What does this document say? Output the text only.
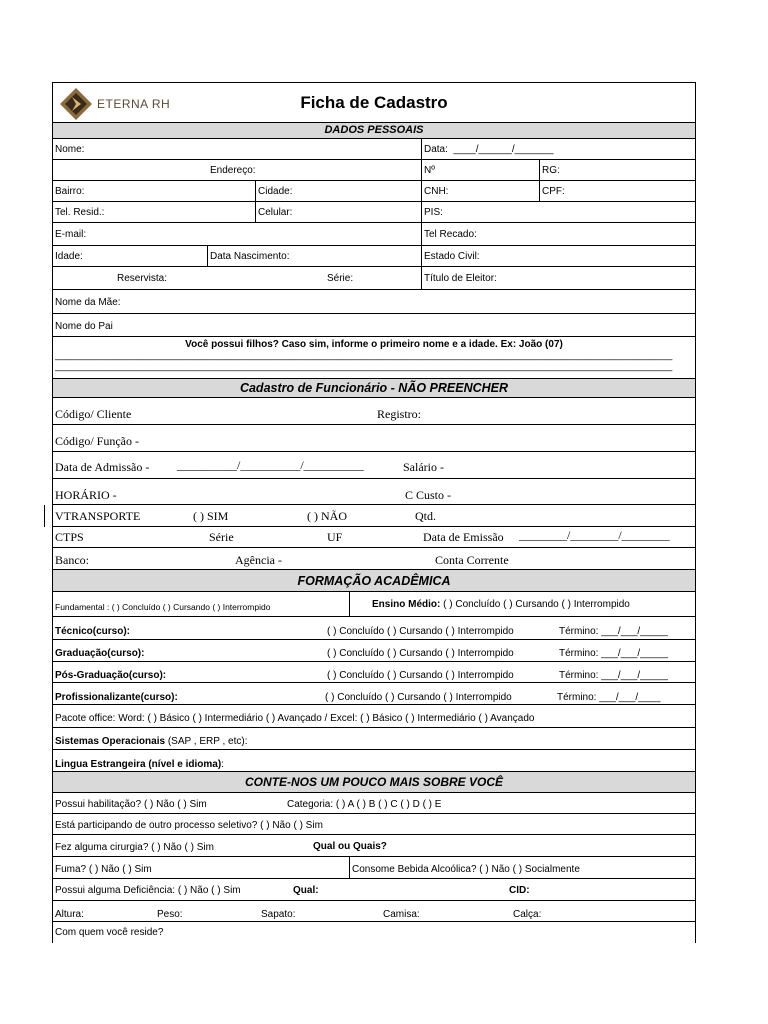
ETERNA RH	Ficha de Cadastro
DADOS PESSOAIS
Nome:	Data: ____/______/_______
Endereço:	Nº	RG:
Bairro:	Cidade:	CNH:	CPF:
Tel. Resid.:	Celular:	PIS:
E-mail:	Tel Recado:
Idade:	Data Nascimento:	Estado Civil:
Reservista:	Série:	Título de Eleitor:
Nome da Mãe:
Nome do Pai
Você possui filhos? Caso sim, informe o primeiro nome e a idade. Ex: João (07)
_______________________________________________________________________________________________________________
_______________________________________________________________________________________________________________
Cadastro de Funcionário - NÃO PREENCHER
Código/ Cliente	Registro:
Código/ Função -
Data de Admissão - __________/__________/__________	Salário -
HORÁRIO -	C Custo -
VTRANSPORTE	( ) SIM	( ) NÃO	Qtd.
CTPS	Série	UF	Data de Emissão ________/________/________
Banco:	Agência -	Conta Corrente
FORMAÇÃO ACADÊMICA
Fundamental : ( ) Concluído ( ) Cursando ( ) Interrompido	Ensino Médio: ( ) Concluído ( ) Cursando ( ) Interrompido
Técnico(curso):	( ) Concluído ( ) Cursando ( ) Interrompido	Término: ___/___/_____
Graduação(curso):	( ) Concluído ( ) Cursando ( ) Interrompido	Término: ___/___/_____
Pós-Graduação(curso):	( ) Concluído ( ) Cursando ( ) Interrompido	Término: ___/___/_____
Profissionalizante(curso):	( ) Concluído ( ) Cursando ( ) Interrompido	Término: ___/___/____
Pacote office: Word: ( ) Básico ( ) Intermediário ( ) Avançado / Excel: ( ) Básico ( ) Intermediário ( ) Avançado
Sistemas Operacionais (SAP , ERP , etc):
Lingua Estrangeira (nível e idioma):
CONTE-NOS UM POUCO MAIS SOBRE VOCÊ
Possui habilitação? ( ) Não ( ) Sim	Categoria: ( ) A ( ) B ( ) C ( ) D ( ) E
Está participando de outro processo seletivo? ( ) Não ( ) Sim
Fez alguma cirurgia? ( ) Não ( ) Sim	Qual ou Quais?
Fuma? ( ) Não ( ) Sim	Consome Bebida Alcoólica? ( ) Não ( ) Socialmente
Possui alguma Deficiência: ( ) Não ( ) Sim	Qual:	CID:
Altura:	Peso:	Sapato:	Camisa:	Calça:
Com quem você reside?
